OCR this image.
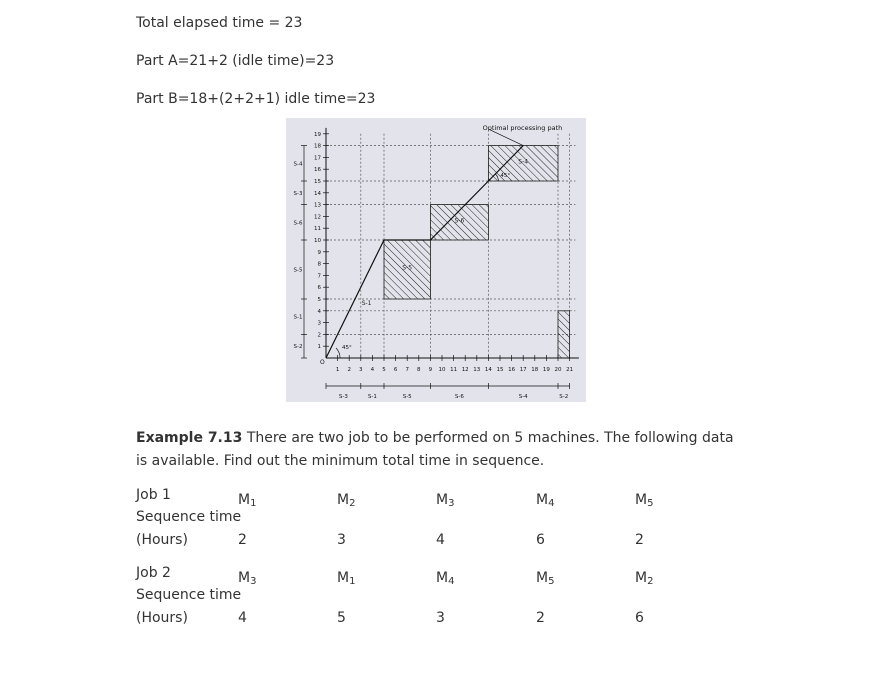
Total elapsed time = 23
Part A=21+2 (idle time)=23
Part B=18+(2+2+1) idle time=23
S-1
S-5
S-6
S-4
Optimal processing path
O
1
2
3
4
5
6
7
8
9
10
11
12
13
14
15
16
17
18
19
1 2 3 4 5 6 7 8 9 10 11 12 13 14 15 16 17 18 19 20 21
S-3	S-1	S-5	S-6	S-4	S-2
S-2
S-1
S-5
S-6
S-3
S-4
45°
45°
Example 7.13 There are two job to be performed on 5 machines. The following data is available. Find out the minimum total time in sequence.
Job 1
Sequence time
(Hours)
$M_1$	$M_2$	$M_3$	$M_4$	$M_5$
2	3	4	6	2
Job 2
Sequence time
(Hours)
$M_3$	$M_1$	$M_4$	$M_5$	$M_2$
4	5	3	2	6
